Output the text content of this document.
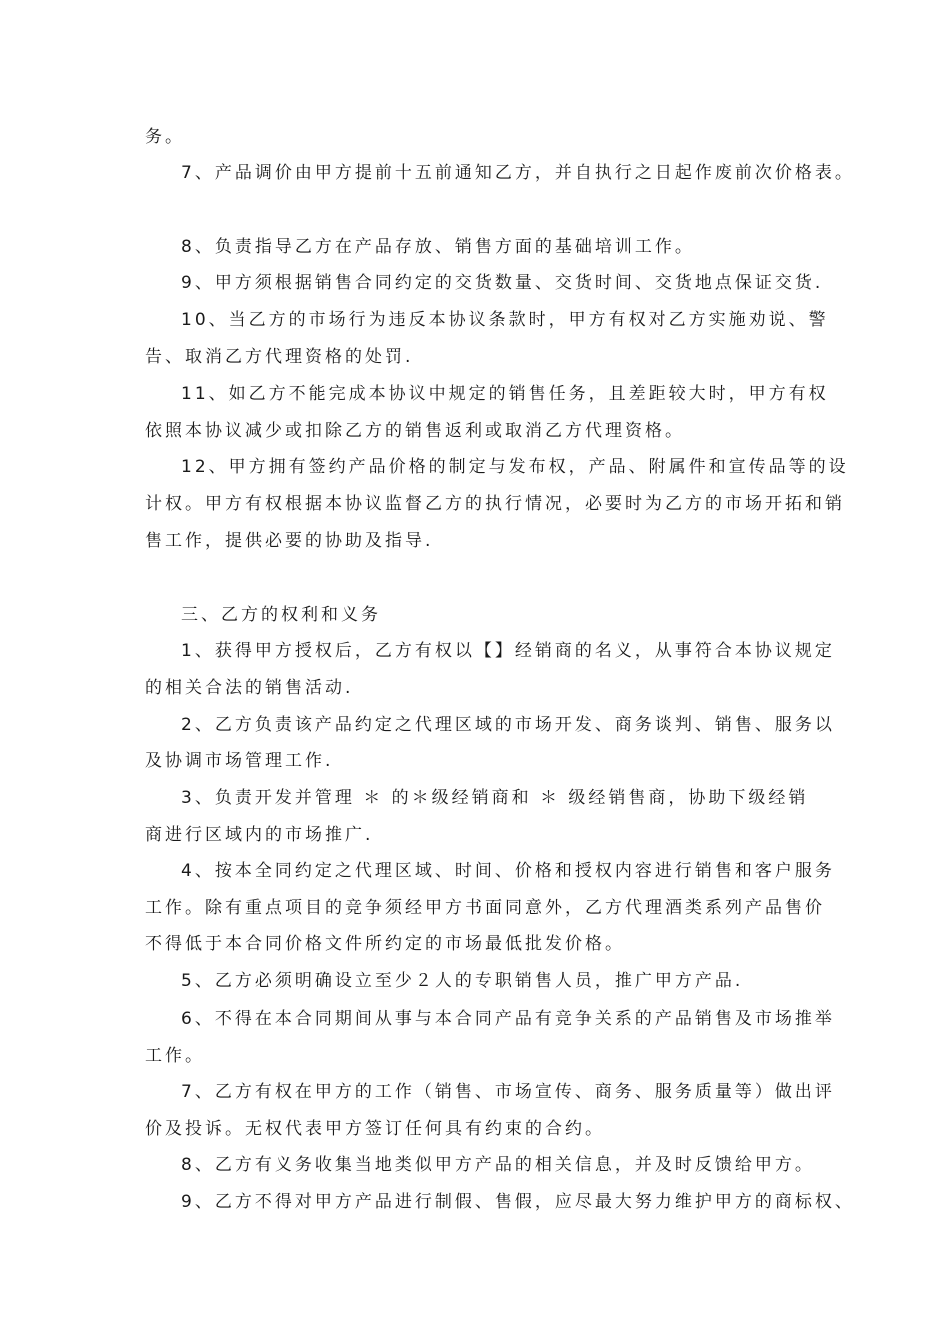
务。

7、产品调价由甲方提前十五前通知乙方，并自执行之日起作废前次价格表。

8、负责指导乙方在产品存放、销售方面的基础培训工作。

9、甲方须根据销售合同约定的交货数量、交货时间、交货地点保证交货.

10、当乙方的市场行为违反本协议条款时，甲方有权对乙方实施劝说、警

告、取消乙方代理资格的处罚.

11、如乙方不能完成本协议中规定的销售任务，且差距较大时，甲方有权

依照本协议减少或扣除乙方的销售返利或取消乙方代理资格。

12、甲方拥有签约产品价格的制定与发布权，产品、附属件和宣传品等的设

计权。甲方有权根据本协议监督乙方的执行情况，必要时为乙方的市场开拓和销

售工作，提供必要的协助及指导.

三、乙方的权利和义务

1、获得甲方授权后，乙方有权以【】经销商的名义，从事符合本协议规定

的相关合法的销售活动.

2、乙方负责该产品约定之代理区域的市场开发、商务谈判、销售、服务以

及协调市场管理工作.

3、负责开发并管理 ＊ 的＊级经销商和 ＊ 级经销售商，协助下级经销

商进行区域内的市场推广.

4、按本全同约定之代理区域、时间、价格和授权内容进行销售和客户服务

工作。除有重点项目的竞争须经甲方书面同意外，乙方代理酒类系列产品售价

不得低于本合同价格文件所约定的市场最低批发价格。

5、乙方必须明确设立至少２人的专职销售人员，推广甲方产品.

6、不得在本合同期间从事与本合同产品有竞争关系的产品销售及市场推举

工作。

7、乙方有权在甲方的工作（销售、市场宣传、商务、服务质量等）做出评

价及投诉。无权代表甲方签订任何具有约束的合约。

8、乙方有义务收集当地类似甲方产品的相关信息，并及时反馈给甲方。

9、乙方不得对甲方产品进行制假、售假，应尽最大努力维护甲方的商标权、
